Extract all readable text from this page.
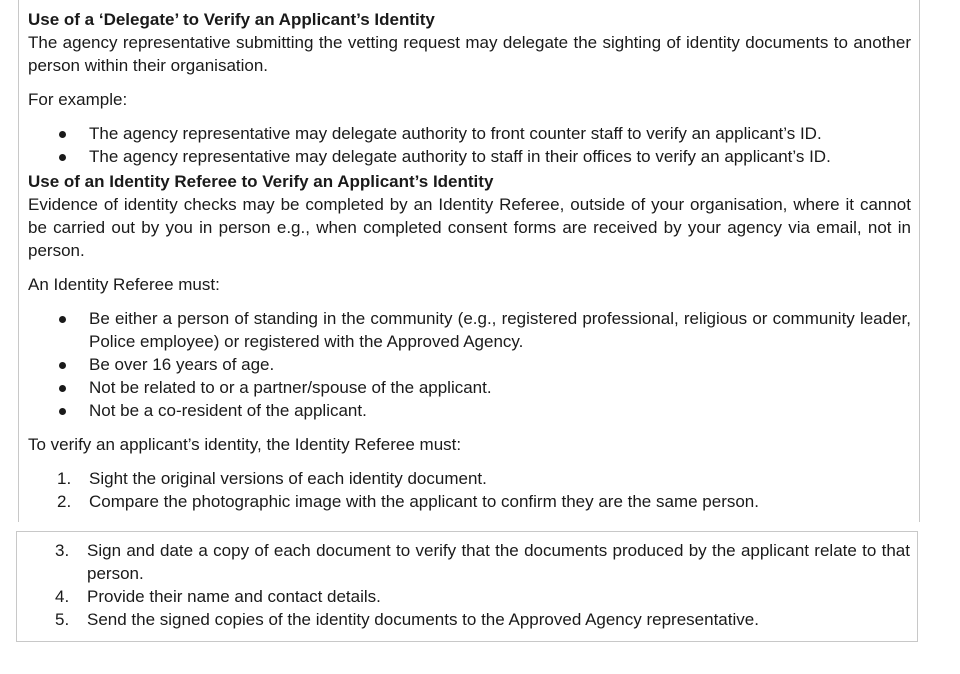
Use of a ‘Delegate’ to Verify an Applicant’s Identity

The agency representative submitting the vetting request may delegate the sighting of identity documents to another person within their organisation.

For example:

The agency representative may delegate authority to front counter staff to verify an applicant’s ID.
The agency representative may delegate authority to staff in their offices to verify an applicant’s ID.
Use of an Identity Referee to Verify an Applicant’s Identity

Evidence of identity checks may be completed by an Identity Referee, outside of your organisation, where it cannot be carried out by you in person e.g., when completed consent forms are received by your agency via email, not in person.

An Identity Referee must:

Be either a person of standing in the community (e.g., registered professional, religious or community leader, Police employee) or registered with the Approved Agency.
Be over 16 years of age.
Not be related to or a partner/spouse of the applicant.
Not be a co-resident of the applicant.

To verify an applicant’s identity, the Identity Referee must:

1. Sight the original versions of each identity document.
2. Compare the photographic image with the applicant to confirm they are the same person.
3. Sign and date a copy of each document to verify that the documents produced by the applicant relate to that person.
4. Provide their name and contact details.
5. Send the signed copies of the identity documents to the Approved Agency representative.
